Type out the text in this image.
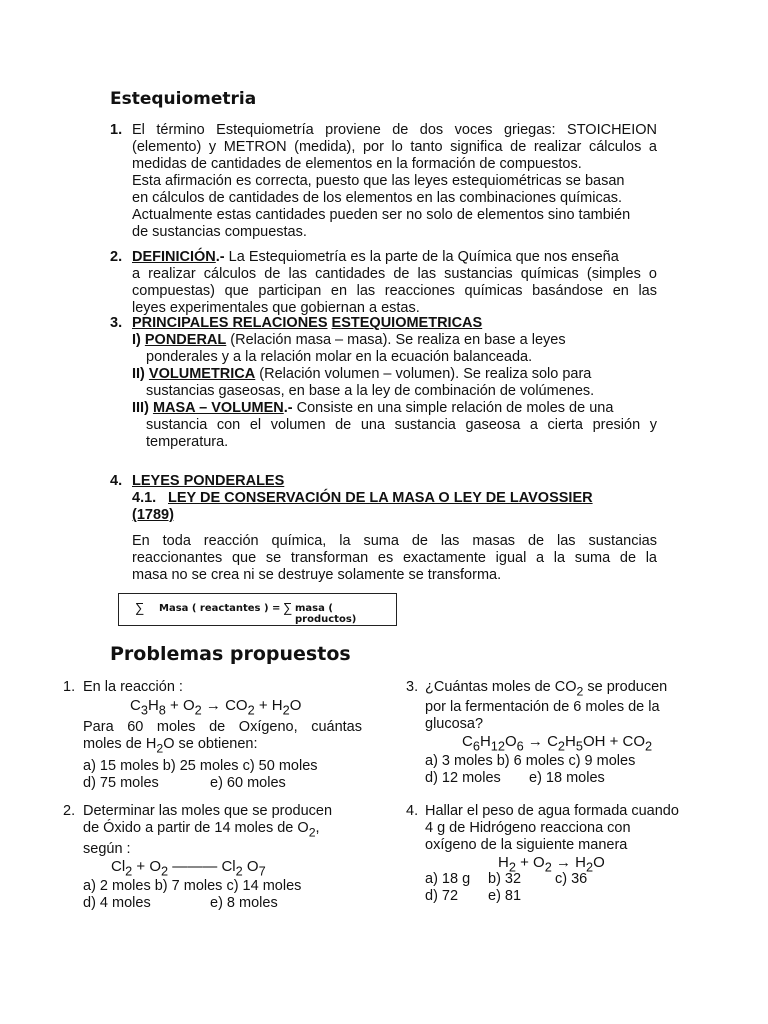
Estequiometria
1. El término Estequiometría proviene de dos voces griegas: STOICHEION
(elemento) y METRON (medida), por lo tanto significa de realizar cálculos a
medidas de cantidades de elementos en la formación de compuestos.
Esta afirmación es correcta, puesto que las leyes estequiométricas se basan
en cálculos de cantidades de los elementos en las combinaciones químicas.
Actualmente estas cantidades pueden ser no solo de elementos sino también
de sustancias compuestas.
2. DEFINICIÓN.- La Estequiometría es la parte de la Química que nos enseña
a realizar cálculos de las cantidades de las sustancias químicas (simples o
compuestas) que participan en las reacciones químicas basándose en las
leyes experimentales que gobiernan a estas.
3. PRINCIPALES RELACIONES ESTEQUIOMETRICAS
I) PONDERAL (Relación masa – masa). Se realiza en base a leyes
ponderales y a la relación molar en la ecuación balanceada.
II) VOLUMETRICA (Relación volumen – volumen). Se realiza solo para
sustancias gaseosas, en base a la ley de combinación de volúmenes.
III) MASA – VOLUMEN.- Consiste en una simple relación de moles de una
sustancia con el volumen de una sustancia gaseosa a cierta presión y
temperatura.
4. LEYES PONDERALES
4.1. LEY DE CONSERVACIÓN DE LA MASA O LEY DE LAVOSSIER
(1789)
En toda reacción química, la suma de las masas de las sustancias
reaccionantes que se transforman es exactamente igual a la suma de la
masa no se crea ni se destruye solamente se transforma.
∑ Masa ( reactantes ) = ∑ masa ( productos)
Problemas propuestos
1. En la reacción :
$C_3H_8 + O_2 \to CO_2 + H_2O$
Para 60 moles de Oxígeno, cuántas
moles de $H_2O$ se obtienen:
a) 15 moles b) 25 moles c) 50 moles
d) 75 moles	e) 60 moles
2. Determinar las moles que se producen
de Óxido a partir de 14 moles de $O_2$,
según :
$Cl_2 + O_2$ ——— $Cl_2$ $O_7$
a) 2 moles b) 7 moles c) 14 moles
d) 4 moles	e) 8 moles
3. ¿Cuántas moles de $CO_2$ se producen
por la fermentación de 6 moles de la
glucosa?
$C_6H_{12}O_6 \to C_2H_5OH + CO_2$
a) 3 moles b) 6 moles c) 9 moles
d) 12 moles e) 18 moles
4. Hallar el peso de agua formada cuando
4 g de Hidrógeno reacciona con
oxígeno de la siguiente manera
$H_2 + O_2 \to H_2O$
a) 18 g b) 32 c) 36
d) 72 e) 81
